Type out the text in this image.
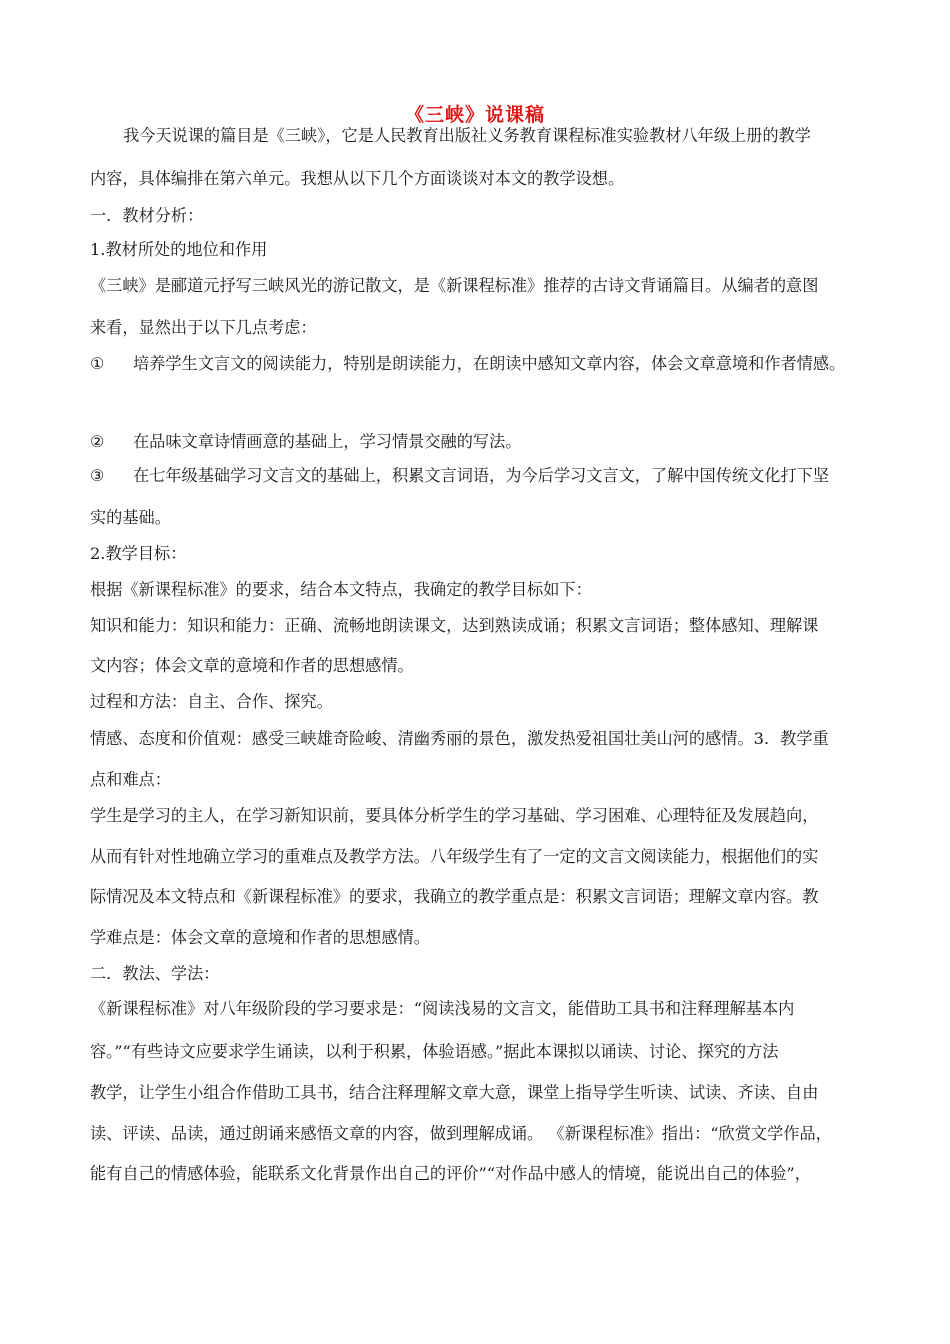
《三峡》说课稿
我今天说课的篇目是《三峡》，它是人民教育出版社义务教育课程标准实验教材八年级上册的教学
内容，具体编排在第六单元。我想从以下几个方面谈谈对本文的教学设想。
一．教材分析：
1.教材所处的地位和作用
《三峡》是郦道元抒写三峡风光的游记散文，是《新课程标准》推荐的古诗文背诵篇目。从编者的意图
来看，显然出于以下几点考虑：
① 培养学生文言文的阅读能力，特别是朗读能力，在朗读中感知文章内容，体会文章意境和作者情感。
② 在品味文章诗情画意的基础上，学习情景交融的写法。
③ 在七年级基础学习文言文的基础上，积累文言词语，为今后学习文言文，了解中国传统文化打下坚
实的基础。
2.教学目标：
根据《新课程标准》的要求，结合本文特点，我确定的教学目标如下：
知识和能力：知识和能力：正确、流畅地朗读课文，达到熟读成诵；积累文言词语；整体感知、理解课
文内容；体会文章的意境和作者的思想感情。
过程和方法：自主、合作、探究。
情感、态度和价值观：感受三峡雄奇险峻、清幽秀丽的景色，激发热爱祖国壮美山河的感情。3．教学重
点和难点：
学生是学习的主人，在学习新知识前，要具体分析学生的学习基础、学习困难、心理特征及发展趋向，
从而有针对性地确立学习的重难点及教学方法。八年级学生有了一定的文言文阅读能力，根据他们的实
际情况及本文特点和《新课程标准》的要求，我确立的教学重点是：积累文言词语；理解文章内容。教
学难点是：体会文章的意境和作者的思想感情。
二．教法、学法：
《新课程标准》对八年级阶段的学习要求是：“阅读浅易的文言文，能借助工具书和注释理解基本内
容。”“有些诗文应要求学生诵读，以利于积累，体验语感。”据此本课拟以诵读、讨论、探究的方法
教学，让学生小组合作借助工具书，结合注释理解文章大意，课堂上指导学生听读、试读、齐读、自由
读、评读、品读，通过朗诵来感悟文章的内容，做到理解成诵。 《新课程标准》指出：“欣赏文学作品，
能有自己的情感体验，能联系文化背景作出自己的评价”“对作品中感人的情境，能说出自己的体验”，
